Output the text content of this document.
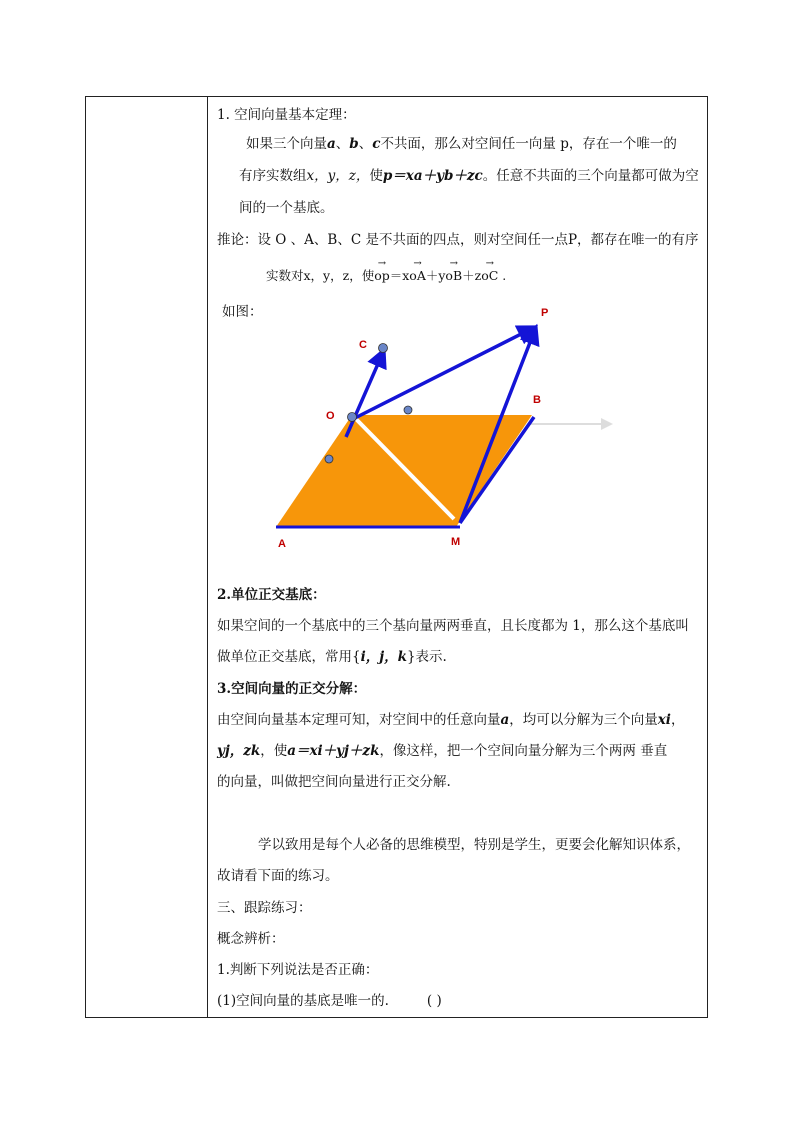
1. 空间向量基本定理：
如果三个向量a、b、c不共面，那么对空间任一向量 p，存在一个唯一的
有序实数组x，y，z，使p＝xa＋yb＋zc。任意不共面的三个向量都可做为空
间的一个基底。
推论：设 O 、A、B、C 是不共面的四点，则对空间任一点P，都存在唯一的有序
实数对x，y，z，使→ op＝x→ oA＋y→ oB＋z→ oC .
如图：	P
C
O
B
A	M
2.单位正交基底：
如果空间的一个基底中的三个基向量两两垂直，且长度都为 1，那么这个基底叫
做单位正交基底，常用{i，j，k}表示.
3.空间向量的正交分解：
由空间向量基本定理可知，对空间中的任意向量a，均可以分解为三个向量xi，
yj，zk，使a＝xi＋yj＋zk，像这样，把一个空间向量分解为三个两两 垂直
的向量，叫做把空间向量进行正交分解.
学以致用是每个人必备的思维模型，特别是学生，更要会化解知识体系，
故请看下面的练习。
三、跟踪练习：
概念辨析：
1.判断下列说法是否正确：
(1)空间向量的基底是唯一的.	( )
